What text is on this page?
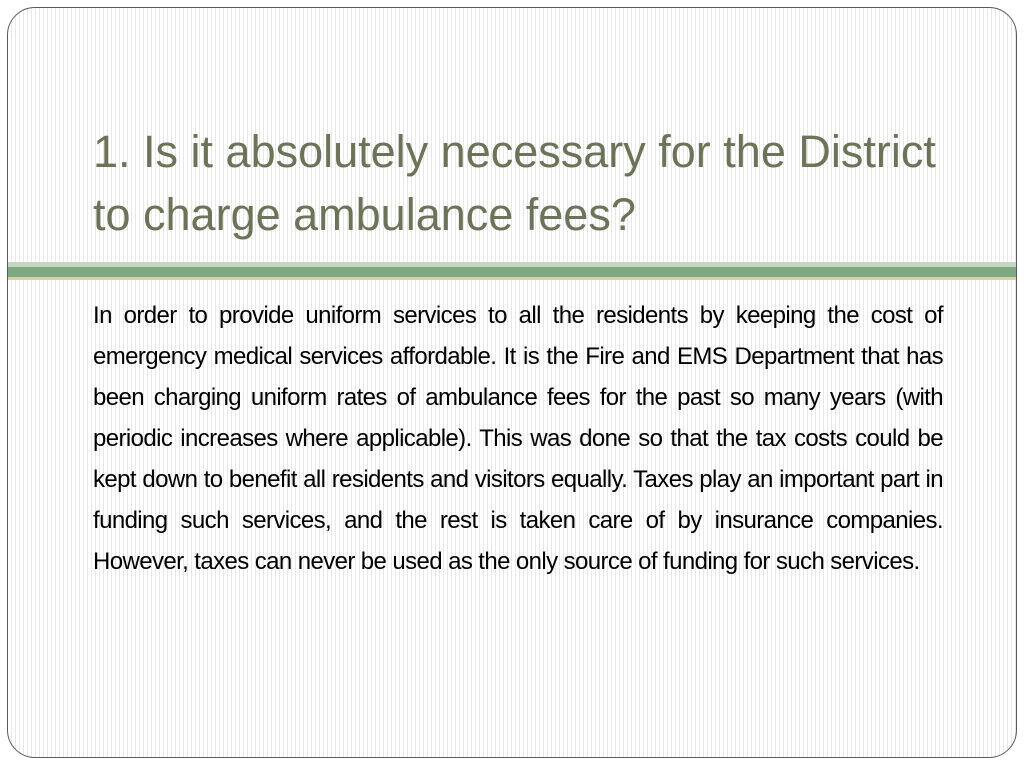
1. Is it absolutely necessary for the District to charge ambulance fees?

In order to provide uniform services to all the residents by keeping the cost of emergency medical services affordable. It is the Fire and EMS Department that has been charging uniform rates of ambulance fees for the past so many years (with periodic increases where applicable). This was done so that the tax costs could be kept down to benefit all residents and visitors equally. Taxes play an important part in funding such services, and the rest is taken care of by insurance companies. However, taxes can never be used as the only source of funding for such services.
